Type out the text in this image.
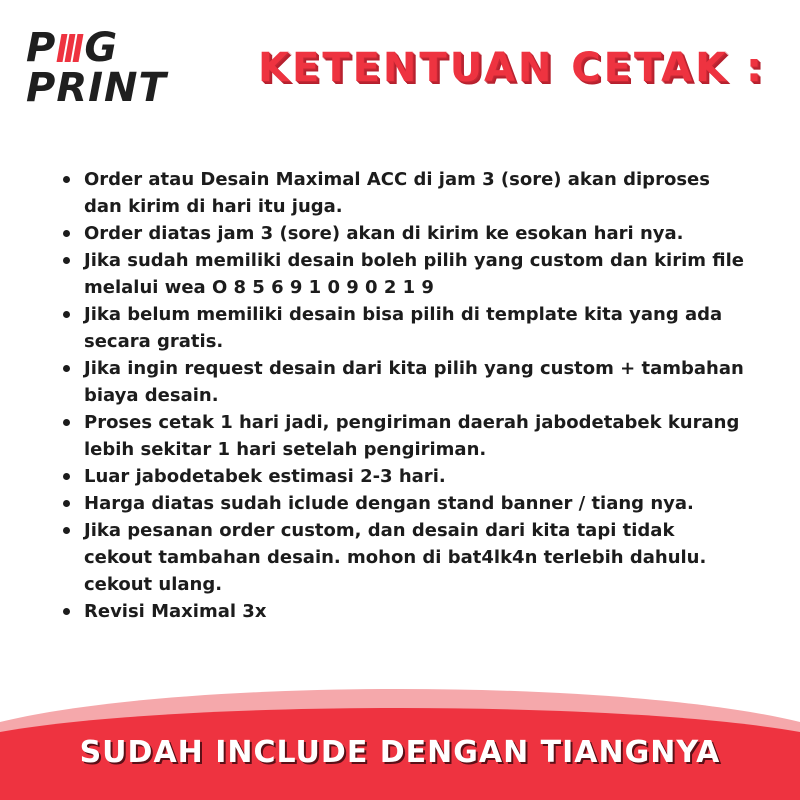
P G
PRINT KETENTUAN CETAK :
Order atau Desain Maximal ACC di jam 3 (sore) akan diproses dan kirim di hari itu juga.
Order diatas jam 3 (sore) akan di kirim ke esokan hari nya.
Jika sudah memiliki desain boleh pilih yang custom dan kirim file melalui wea O 8 5 6 9 1 0 9 0 2 1 9
Jika belum memiliki desain bisa pilih di template kita yang ada secara gratis.
Jika ingin request desain dari kita pilih yang custom + tambahan biaya desain.
Proses cetak 1 hari jadi, pengiriman daerah jabodetabek kurang lebih sekitar 1 hari setelah pengiriman.
Luar jabodetabek estimasi 2-3 hari.
Harga diatas sudah iclude dengan stand banner / tiang nya.
Jika pesanan order custom, dan desain dari kita tapi tidak cekout tambahan desain. mohon di bat4lk4n terlebih dahulu. cekout ulang.
Revisi Maximal 3x
SUDAH INCLUDE DENGAN TIANGNYA
